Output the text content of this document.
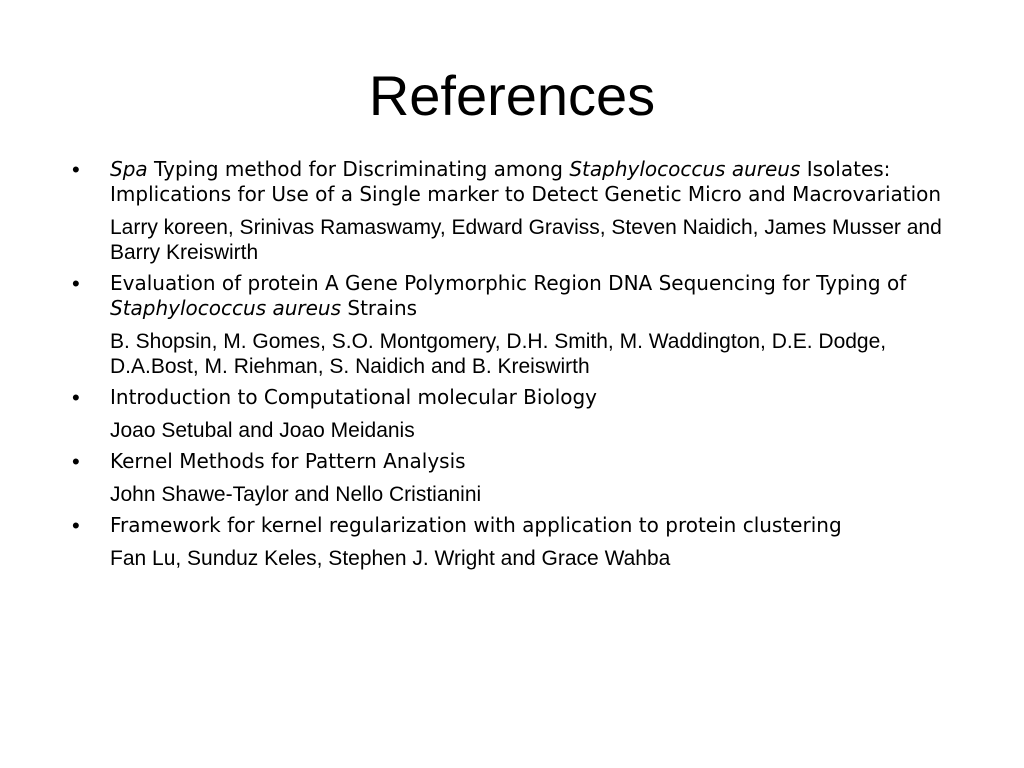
References
• Spa Typing method for Discriminating among Staphylococcus aureus Isolates: Implications for Use of a Single marker to Detect Genetic Micro and Macrovariation
Larry koreen, Srinivas Ramaswamy, Edward Graviss, Steven Naidich, James Musser and Barry Kreiswirth
• Evaluation of protein A Gene Polymorphic Region DNA Sequencing for Typing of Staphylococcus aureus Strains
B. Shopsin, M. Gomes, S.O. Montgomery, D.H. Smith, M. Waddington, D.E. Dodge, D.A.Bost, M. Riehman, S. Naidich and B. Kreiswirth
• Introduction to Computational molecular Biology
Joao Setubal and Joao Meidanis
• Kernel Methods for Pattern Analysis
John Shawe-Taylor and Nello Cristianini
• Framework for kernel regularization with application to protein clustering
Fan Lu, Sunduz Keles, Stephen J. Wright and Grace Wahba
